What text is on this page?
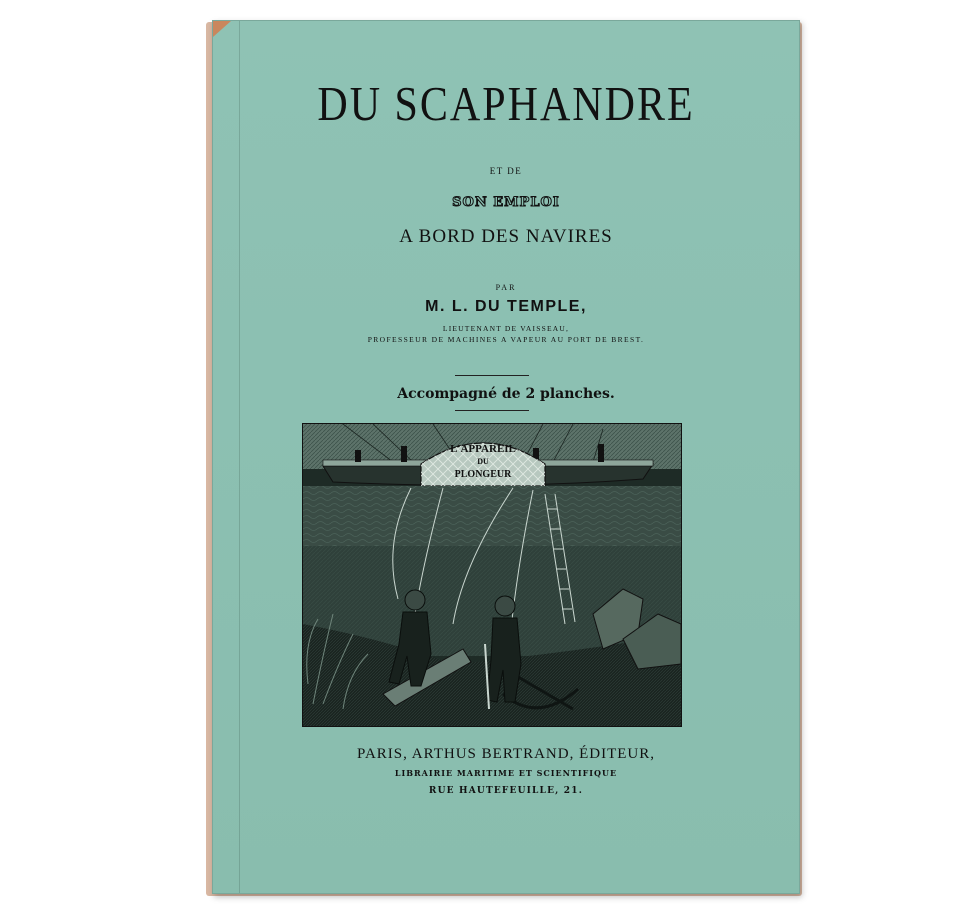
DU SCAPHANDRE
ET DE
SON EMPLOI
A BORD DES NAVIRES
PAR
M. L. DU TEMPLE,
LIEUTENANT DE VAISSEAU,
PROFESSEUR DE MACHINES A VAPEUR AU PORT DE BREST.
Accompagné de 2 planches.
L'APPAREIL
DU
PLONGEUR
PARIS, ARTHUS BERTRAND, ÉDITEUR,
LIBRAIRIE MARITIME ET SCIENTIFIQUE
RUE HAUTEFEUILLE, 21.
